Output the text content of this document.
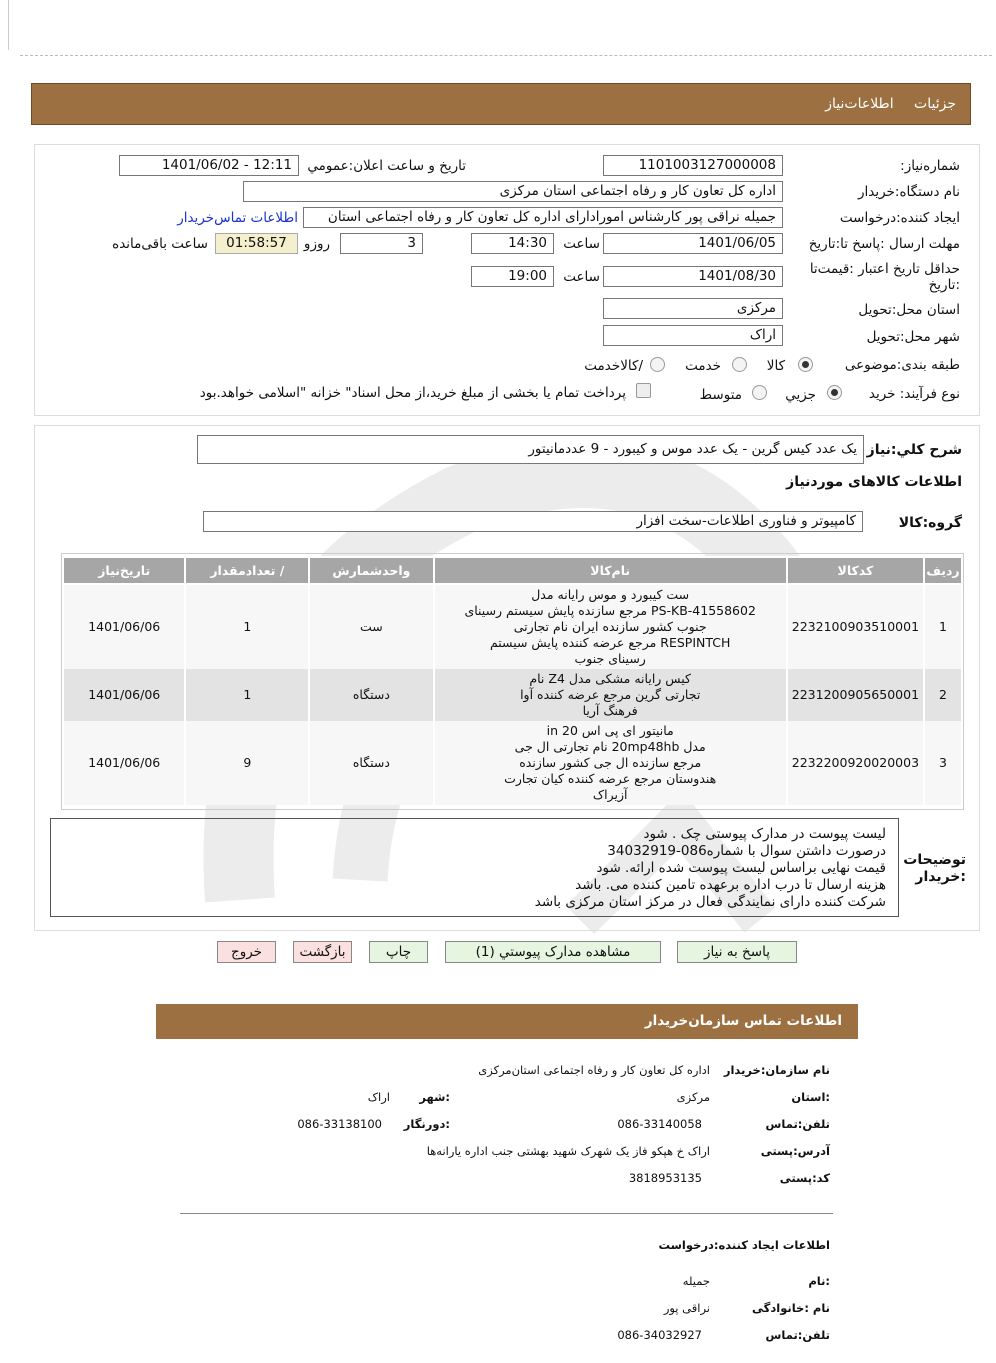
جزئیات اطلاعات‌نیاز
شماره‌نیاز:
1101003127000008
تاریخ و ساعت اعلان‌:عمومي
1401/06/02 - 12:11
نام دستگاه‌:خریدار
اداره کل تعاون کار و رفاه اجتماعی استان مرکزی
ایجاد کننده‌:درخواست
جمیله نراقی پور کارشناس امورادارای اداره کل تعاون کار و رفاه اجتماعی استان
اطلاعات تماس‌خریدار
مهلت ارسال ‌:پاسخ تا‌:تاریخ
1401/06/05
ساعت
14:30
3
روزو
01:58:57
ساعت باقی‌مانده
حداقل تاریخ اعتبار ‌:قیمت‌تا
:تاریخ
1401/08/30
ساعت
19:00
استان محل‌:تحویل
مرکزی
شهر محل‌:تحویل
اراک
طبقه بندی‌:موضوعی
کالا
خدمت
/کالاخدمت
نوع فرآیند: خرید
جزيي
متوسط
پرداخت تمام یا بخشی از مبلغ خرید،از محل اسناد" خزانه "اسلامی خواهد.بود
شرح کلي:نیاز
یک عدد کیس گرین - یک عدد موس و کیبورد - 9 عددمانیتور
اطلاعات کالاهای موردنیاز
گروه:کالا
کامپیوتر و فناوری اطلاعات-سخت افزار
ردیف	کدکالا	نام‌کالا	واحدشمارش	/ تعدادمقدار	تاریخ‌نیاز
1	2232100903510001	ست کیبورد و موس رایانه مدل
PS-KB-41558602 مرجع سازنده پایش سیستم رسینای
جنوب کشور سازنده ایران نام تجارتی
RESPINTCH مرجع عرضه کننده پایش سیستم
رسینای جنوب	ست	1	1401/06/06
2	2231200905650001	کیس رایانه مشکی مدل Z4 نام
تجارتی گرین مرجع عرضه کننده آوا
فرهنگ آریا	دستگاه	1	1401/06/06
3	2232200920020003	مانیتور ای پی اس 20 in
مدل 20mp48hb نام تجارتی ال جی
مرجع سازنده ال جی کشور سازنده
هندوستان مرجع عرضه کننده کیان تجارت
آزیراک	دستگاه	9	1401/06/06
توضیحات
:خریدار
لیست پیوست در مدارک پیوستی چک . شود
درصورت داشتن سوال با شماره086-34032919
قیمت نهایی براساس لیست پیوست شده ارائه. شود
هزینه ارسال تا درب اداره برعهده تامین کننده می. باشد
شرکت کننده دارای نمایندگی فعال در مرکز استان مرکزی باشد
پاسخ به نیاز
مشاهده مدارک پیوستي (1)
چاپ
بازگشت
خروج
اطلاعات تماس سازمان‌خریدار
نام سازمان‌:خریدار
اداره کل تعاون کار و رفاه اجتماعی استان‌مرکزی
:استان
مرکزی
:شهر
اراک
تلفن‌:تماس
086-33140058
:دورنگار
086-33138100
آدرس‌:پستی
اراک خ هپکو فاز یک شهرک شهید بهشتی جنب اداره یارانه‌ها
کد‌:پستی
3818953135
اطلاعات ایجاد کننده‌:درخواست
:نام
جمیله
نام :خانوادگی
نراقی پور
تلفن‌:تماس
086-34032927
